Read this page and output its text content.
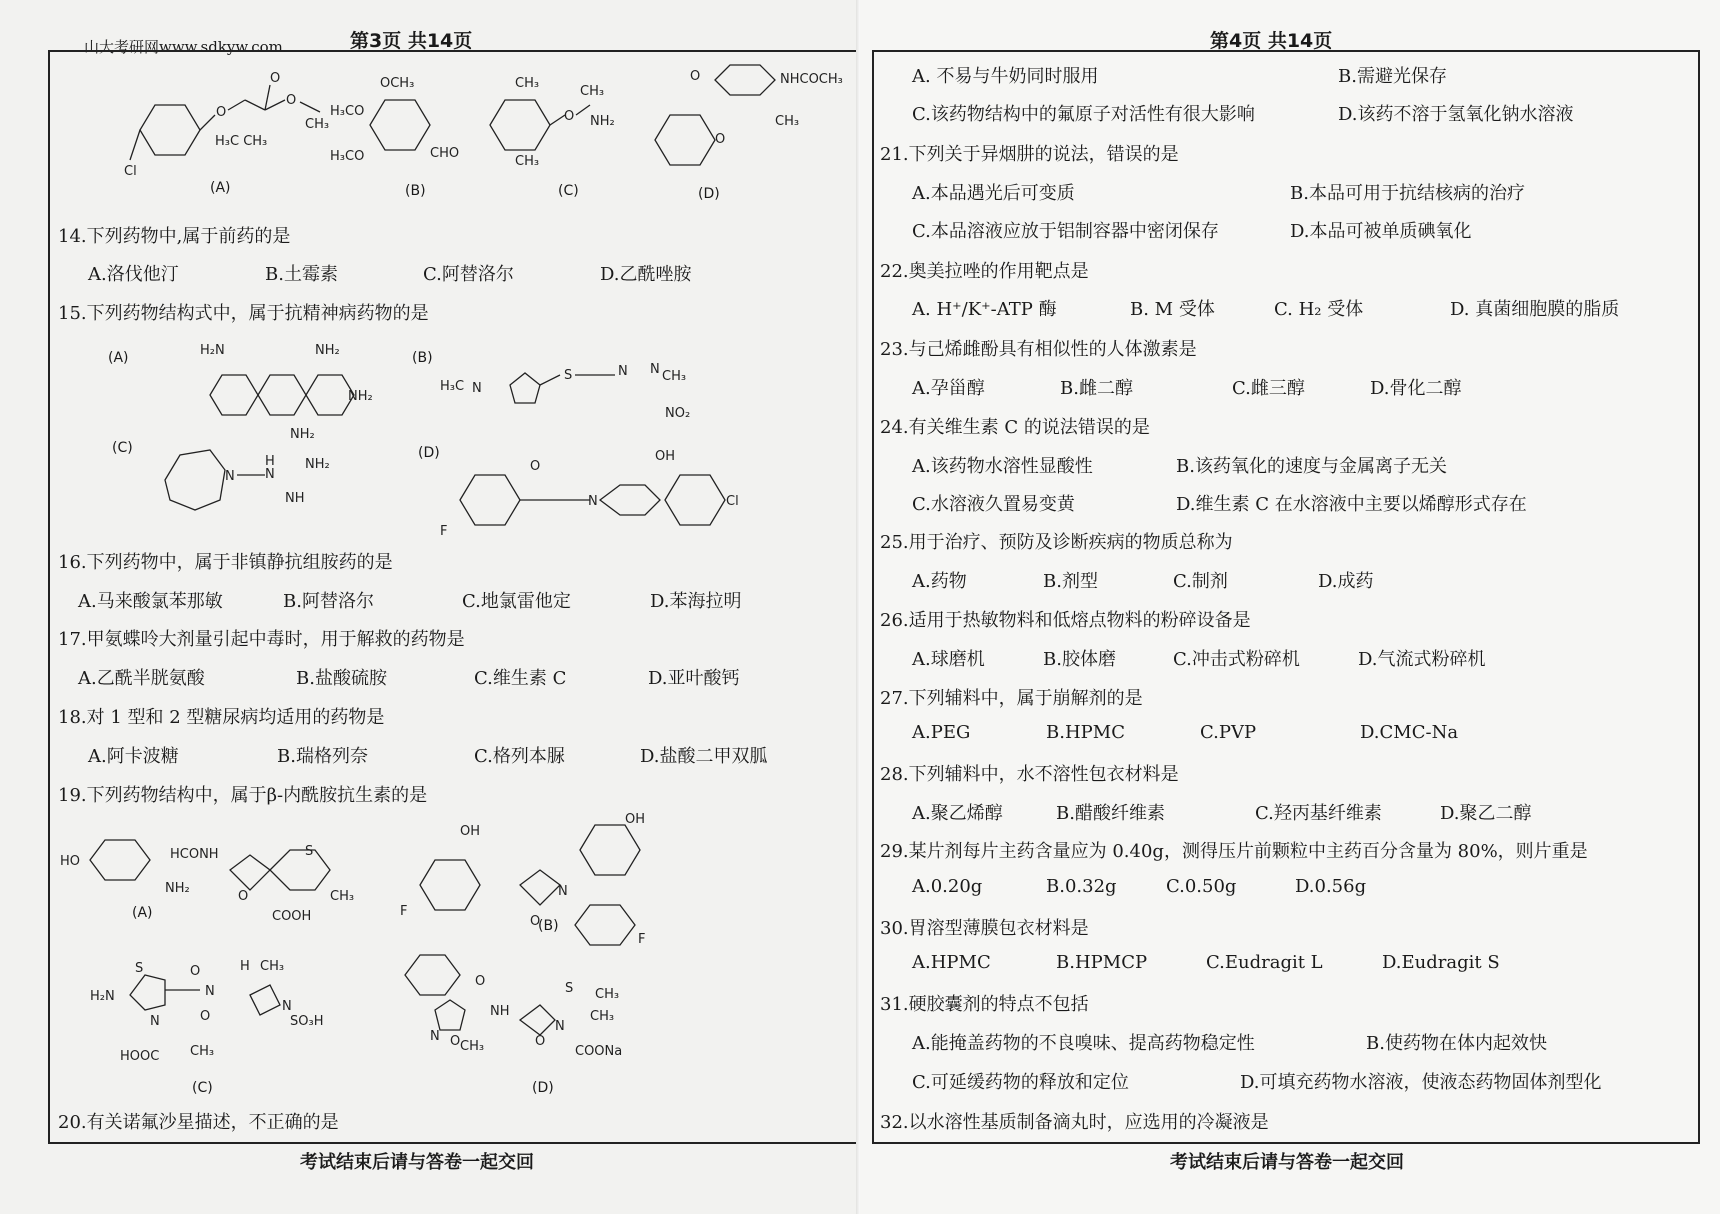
山大考研网www.sdkyw.com	第3页 共14页
O
O
O
CH₃
H₃C CH₃
Cl
OCH₃
H₃CO
H₃CO	CHO
CH₃
CH₃
O
CH₃
NH₂
NHCOCH₃
O
O
CH₃
(A)	(B)	(C)	(D)
14.下列药物中,属于前药的是
A.洛伐他汀	B.土霉素	C.阿替洛尔	D.乙酰唑胺
15.下列药物结构式中，属于抗精神病药物的是
(A)	(B)
(C)	(D)
H₂N	NH₂
NH₂
NH₂
S	N N CH₃
H₃C N
NO₂
N
H
N
NH₂
NH
F
O
N
OH
Cl
16.下列药物中，属于非镇静抗组胺药的是
A.马来酸氯苯那敏	B.阿替洛尔	C.地氯雷他定	D.苯海拉明
17.甲氨蝶呤大剂量引起中毒时，用于解救的药物是
A.乙酰半胱氨酸	B.盐酸硫胺	C.维生素 C	D.亚叶酸钙
18.对 1 型和 2 型糖尿病均适用的药物是
A.阿卡波糖	B.瑞格列奈	C.格列本脲	D.盐酸二甲双胍
19.下列药物结构中，属于β-内酰胺抗生素的是
HO	HCONH
NH₂
S
O
COOH
CH₃
(A)
OH
F
O
N
OH
F
(B)
S
H₂N
N
O
N
H CH₃
N
SO₃H
O
HOOC CH₃
(C)
N O CH₃
O
NH
O
N
S CH₃
CH₃
COONa
(D)
20.有关诺氟沙星描述，不正确的是
考试结束后请与答卷一起交回
第4页 共14页
A. 不易与牛奶同时服用	B.需避光保存
C.该药物结构中的氟原子对活性有很大影响	D.该药不溶于氢氧化钠水溶液
21.下列关于异烟肼的说法，错误的是
A.本品遇光后可变质	B.本品可用于抗结核病的治疗
C.本品溶液应放于铝制容器中密闭保存	D.本品可被单质碘氧化
22.奥美拉唑的作用靶点是
A. H⁺/K⁺-ATP 酶	B. M 受体	C. H₂ 受体	D. 真菌细胞膜的脂质
23.与己烯雌酚具有相似性的人体激素是
A.孕甾醇	B.雌二醇	C.雌三醇	D.骨化二醇
24.有关维生素 C 的说法错误的是
A.该药物水溶性显酸性	B.该药氧化的速度与金属离子无关
C.水溶液久置易变黄	D.维生素 C 在水溶液中主要以烯醇形式存在
25.用于治疗、预防及诊断疾病的物质总称为
A.药物	B.剂型	C.制剂	D.成药
26.适用于热敏物料和低熔点物料的粉碎设备是
A.球磨机	B.胶体磨	C.冲击式粉碎机	D.气流式粉碎机
27.下列辅料中，属于崩解剂的是
A.PEG	B.HPMC	C.PVP	D.CMC-Na
28.下列辅料中，水不溶性包衣材料是
A.聚乙烯醇	B.醋酸纤维素	C.羟丙基纤维素	D.聚乙二醇
29.某片剂每片主药含量应为 0.40g，测得压片前颗粒中主药百分含量为 80%，则片重是
A.0.20g	B.0.32g	C.0.50g	D.0.56g
30.胃溶型薄膜包衣材料是
A.HPMC	B.HPMCP	C.Eudragit L	D.Eudragit S
31.硬胶囊剂的特点不包括
A.能掩盖药物的不良嗅味、提高药物稳定性	B.使药物在体内起效快
C.可延缓药物的释放和定位	D.可填充药物水溶液，使液态药物固体剂型化
32.以水溶性基质制备滴丸时，应选用的冷凝液是
考试结束后请与答卷一起交回
